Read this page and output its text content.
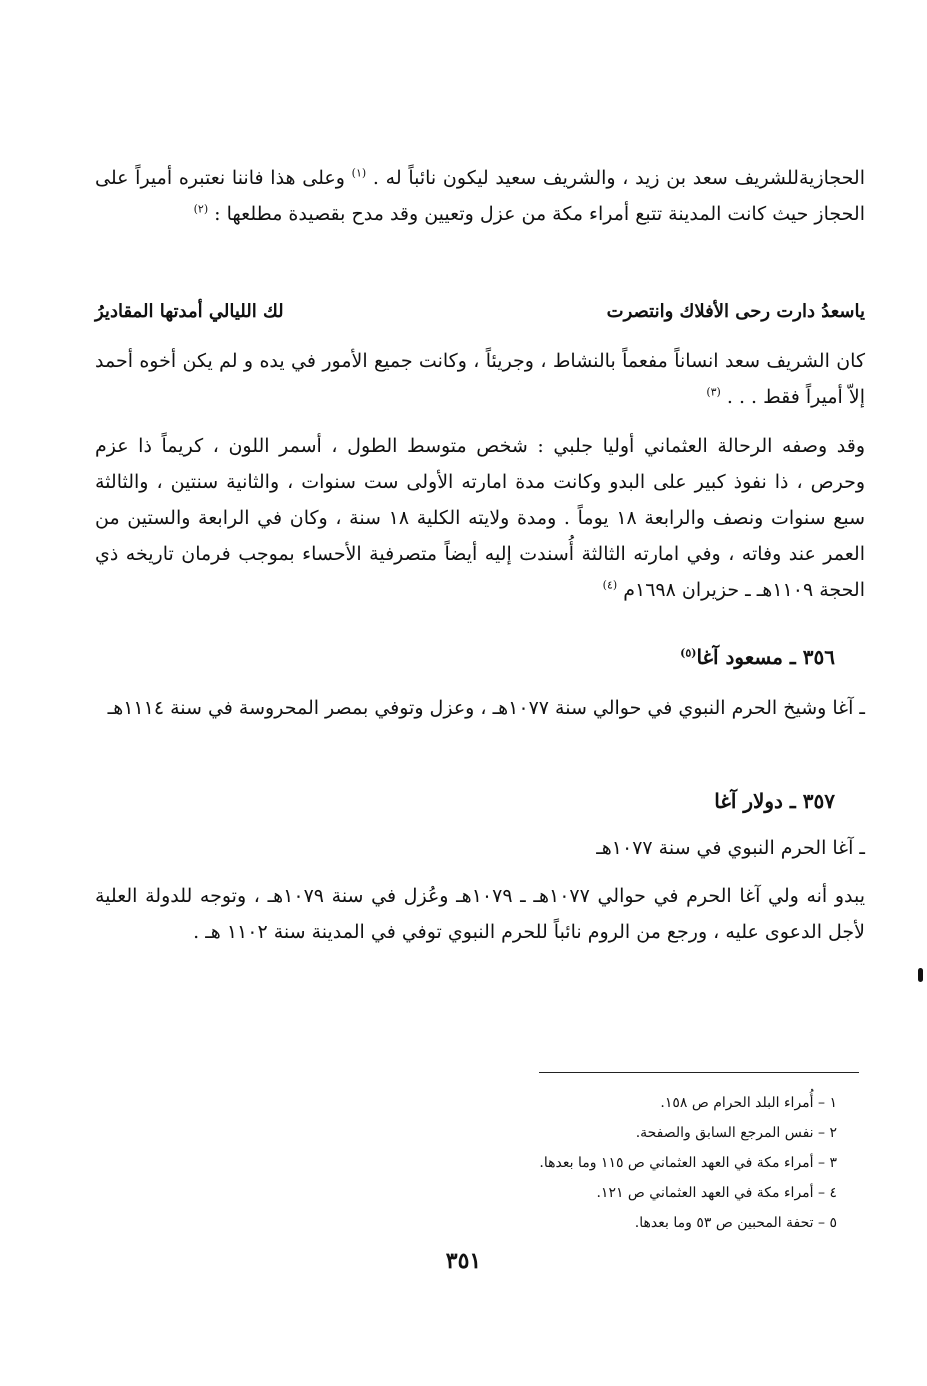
الحجازيةللشريف سعد بن زيد ، والشريف سعيد ليكون نائباً له . $^{(١)}$ وعلى هذا فاننا نعتبره أميراً على الحجاز حيث كانت المدينة تتبع أمراء مكة من عزل وتعيين وقد مدح بقصيدة مطلعها : $^{(٢)}$
ياسعدُ دارت رحى الأفلاك وانتصرت
لك الليالي أمدتها المقاديرُ
كان الشريف سعد انساناً مفعماً بالنشاط ، وجريئاً ، وكانت جميع الأمور في يده و لم يكن أخوه أحمد إلاّ أميراً فقط . . . $^{(٣)}$
وقد وصفه الرحالة العثماني أوليا جلبي : شخص متوسط الطول ، أسمر اللون ، كريماً ذا عزم وحرص ، ذا نفوذ كبير على البدو وكانت مدة امارته الأولى ست سنوات ، والثانية سنتين ، والثالثة سبع سنوات ونصف والرابعة ١٨ يوماً . ومدة ولايته الكلية ١٨ سنة ، وكان في الرابعة والستين من العمر عند وفاته ، وفي امارته الثالثة أُسندت إليه أيضاً متصرفية الأحساء بموجب فرمان تاريخه ذي الحجة ١١٠٩هـ ـ حزيران ١٦٩٨م $^{(٤)}$
٣٥٦ ـ مسعود آغا$^{(٥)}$
ـ آغا وشيخ الحرم النبوي في حوالي سنة ١٠٧٧هـ ، وعزل وتوفي بمصر المحروسة في سنة ١١١٤هـ
٣٥٧ ـ دولار آغا
ـ آغا الحرم النبوي في سنة ١٠٧٧هـ
يبدو أنه ولي آغا الحرم في حوالي ١٠٧٧هـ ـ ١٠٧٩هـ وعُزل في سنة ١٠٧٩هـ ، وتوجه للدولة العلية لأجل الدعوى عليه ، ورجع من الروم نائباً للحرم النبوي توفي في المدينة سنة ١١٠٢ هـ .
١ – أُمراء البلد الحرام ص ١٥٨.
٢ – نفس المرجع السابق والصفحة.
٣ – أمراء مكة في العهد العثماني ص ١١٥ وما بعدها.
٤ – أمراء مكة في العهد العثماني ص ١٢١.
٥ – تحفة المحبين ص ٥٣ وما بعدها.
٣٥١
